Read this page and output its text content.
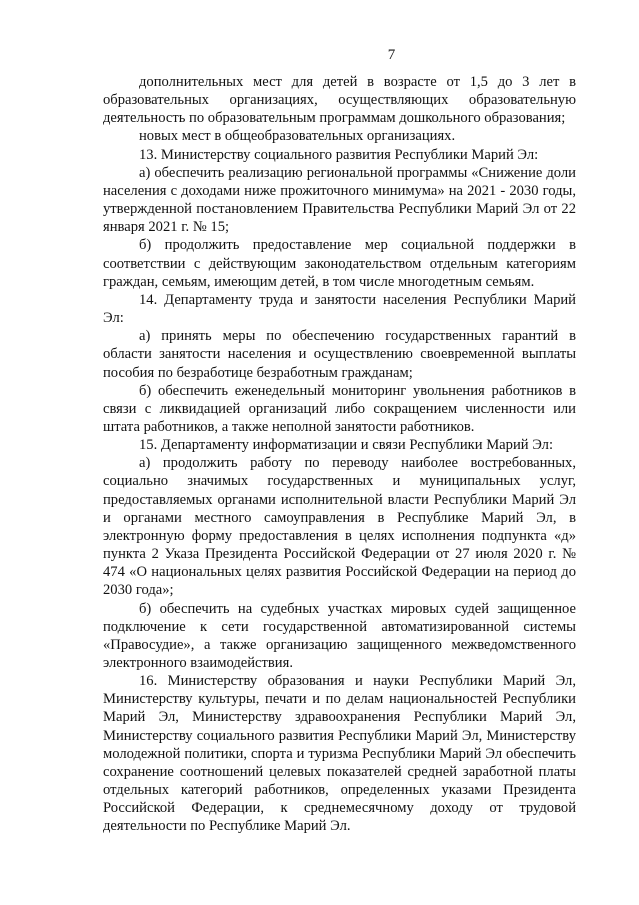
7

дополнительных мест для детей в возрасте от 1,5 до 3 лет в образовательных организациях, осуществляющих образовательную деятельность по образовательным программам дошкольного образования;

новых мест в общеобразовательных организациях.

13. Министерству социального развития Республики Марий Эл:

а) обеспечить реализацию региональной программы «Снижение доли населения с доходами ниже прожиточного минимума» на 2021 - 2030 годы, утвержденной постановлением Правительства Республики Марий Эл от 22 января 2021 г. № 15;

б) продолжить предоставление мер социальной поддержки в соответствии с действующим законодательством отдельным категориям граждан, семьям, имеющим детей, в том числе многодетным семьям.

14. Департаменту труда и занятости населения Республики Марий Эл:

а) принять меры по обеспечению государственных гарантий в области занятости населения и осуществлению своевременной выплаты пособия по безработице безработным гражданам;

б) обеспечить еженедельный мониторинг увольнения работников в связи с ликвидацией организаций либо сокращением численности или штата работников, а также неполной занятости работников.

15. Департаменту информатизации и связи Республики Марий Эл:

а) продолжить работу по переводу наиболее востребованных, социально значимых государственных и муниципальных услуг, предоставляемых органами исполнительной власти Республики Марий Эл и органами местного самоуправления в Республике Марий Эл, в электронную форму предоставления в целях исполнения подпункта «д» пункта 2 Указа Президента Российской Федерации от 27 июля 2020 г. № 474 «О национальных целях развития Российской Федерации на период до 2030 года»;

б) обеспечить на судебных участках мировых судей защищенное подключение к сети государственной автоматизированной системы «Правосудие», а также организацию защищенного межведомственного электронного взаимодействия.

16. Министерству образования и науки Республики Марий Эл, Министерству культуры, печати и по делам национальностей Республики Марий Эл, Министерству здравоохранения Республики Марий Эл, Министерству социального развития Республики Марий Эл, Министерству молодежной политики, спорта и туризма Республики Марий Эл обеспечить сохранение соотношений целевых показателей средней заработной платы отдельных категорий работников, определенных указами Президента Российской Федерации, к среднемесячному доходу от трудовой деятельности по Республике Марий Эл.
